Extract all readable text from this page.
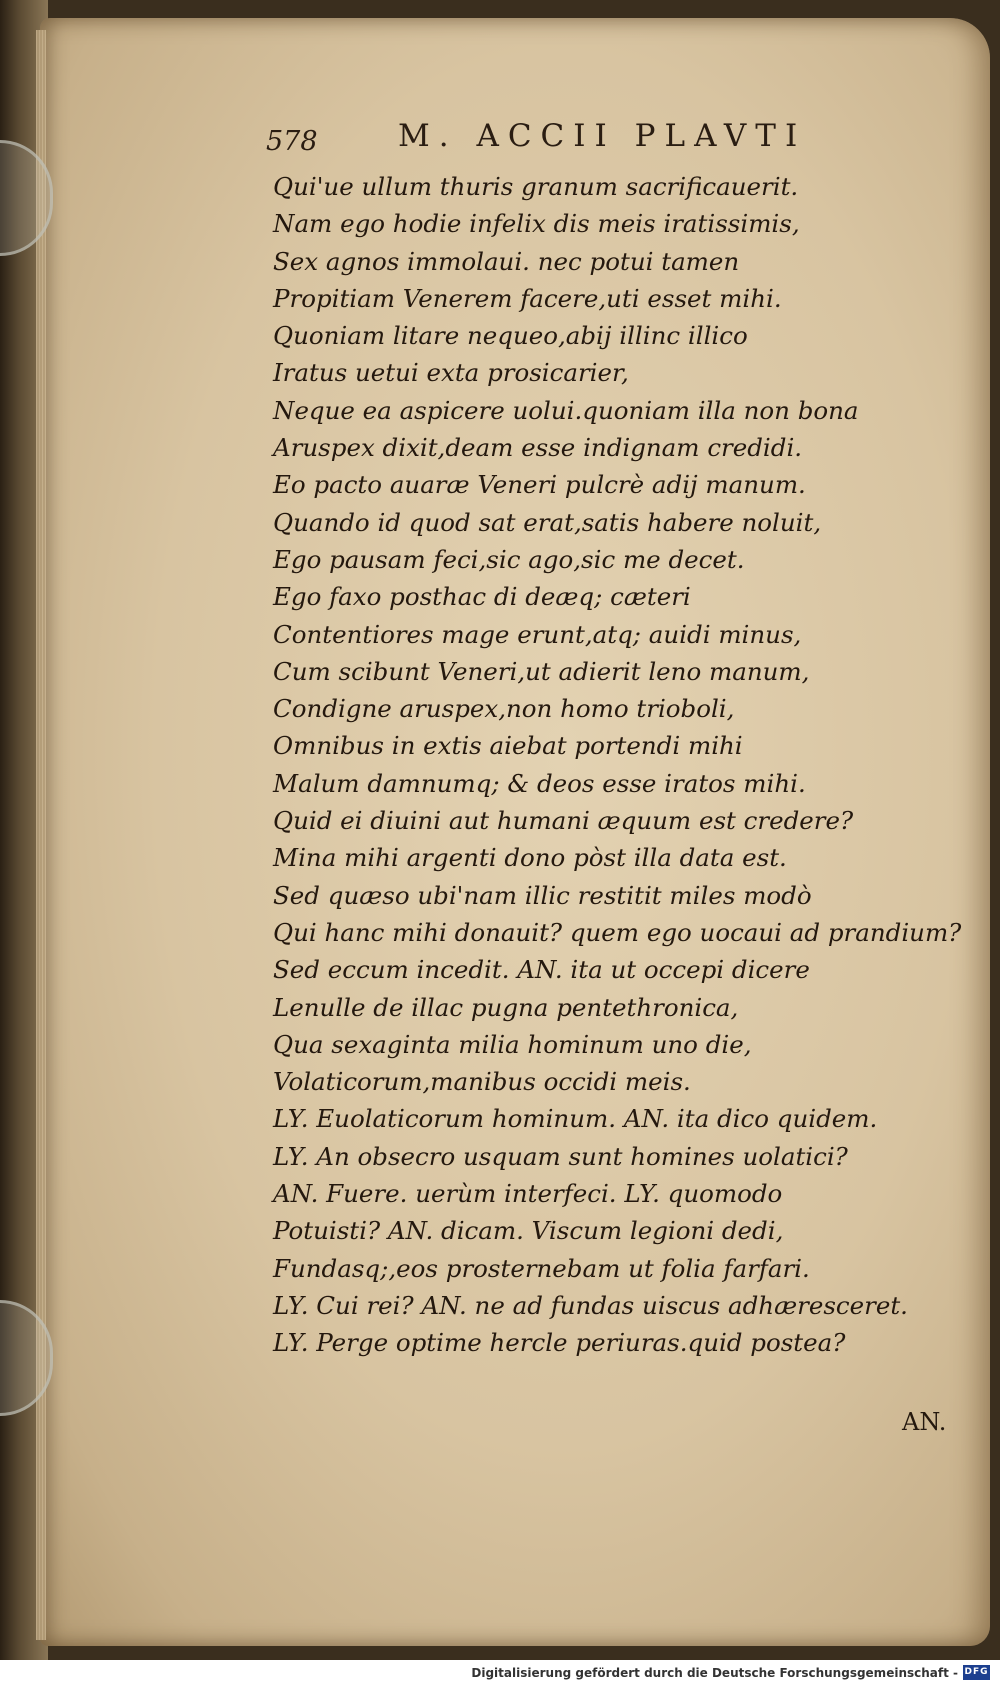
578	M. ACCII PLAVTI
Qui'ue ullum thuris granum sacrificauerit.
Nam ego hodie infelix dis meis iratissimis,
Sex agnos immolaui. nec potui tamen
Propitiam Venerem facere,uti esset mihi.
Quoniam litare nequeo,abij illinc illico
Iratus uetui exta prosicarier,
Neque ea aspicere uolui.quoniam illa non bona
Aruspex dixit,deam esse indignam credidi.
Eo pacto auaræ Veneri pulcrè adij manum.
Quando id quod sat erat,satis habere noluit,
Ego pausam feci,sic ago,sic me decet.
Ego faxo posthac di deæq; cæteri
Contentiores mage erunt,atq; auidi minus,
Cum scibunt Veneri,ut adierit leno manum,
Condigne aruspex,non homo trioboli,
Omnibus in extis aiebat portendi mihi
Malum damnumq; & deos esse iratos mihi.
Quid ei diuini aut humani æquum est credere?
Mina mihi argenti dono pòst illa data est.
Sed quæso ubi'nam illic restitit miles modò
Qui hanc mihi donauit? quem ego uocaui ad prandium?
Sed eccum incedit. AN. ita ut occepi dicere
Lenulle de illac pugna pentethronica,
Qua sexaginta milia hominum uno die,
Volaticorum,manibus occidi meis.
LY. Euolaticorum hominum. AN. ita dico quidem.
LY. An obsecro usquam sunt homines uolatici?
AN. Fuere. uerùm interfeci. LY. quomodo
Potuisti? AN. dicam. Viscum legioni dedi,
Fundasq;,eos prosternebam ut folia farfari.
LY. Cui rei? AN. ne ad fundas uiscus adhæresceret.
LY. Perge optime hercle periuras.quid postea?
AN.
Digitalisierung gefördert durch die Deutsche Forschungsgemeinschaft - DFG
